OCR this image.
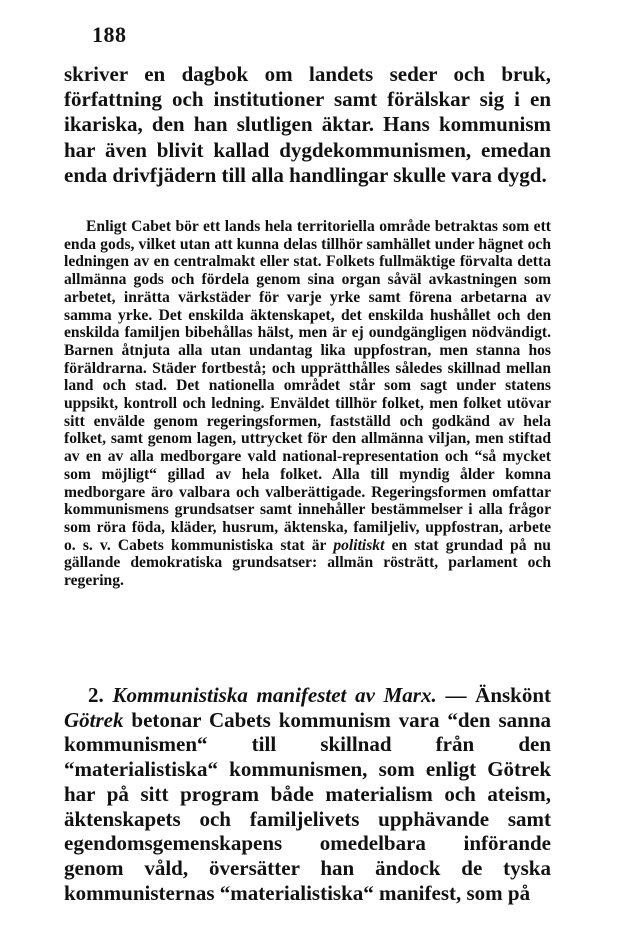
188

skriver en dagbok om landets seder och bruk, författning och institutioner samt förälskar sig i en ikariska, den han slutligen äktar. Hans kommunism har även blivit kallad dygdekommunismen, emedan enda drivfjädern till alla handlingar skulle vara dygd.

Enligt Cabet bör ett lands hela territoriella område betraktas som ett enda gods, vilket utan att kunna delas tillhör samhället under hägnet och ledningen av en centralmakt eller stat. Folkets fullmäktige förvalta detta allmänna gods och fördela genom sina organ såväl avkastningen som arbetet, inrätta värkstäder för varje yrke samt förena arbetarna av samma yrke. Det enskilda äktenskapet, det enskilda hushållet och den enskilda familjen bibehållas hälst, men är ej oundgängligen nödvändigt. Barnen åtnjuta alla utan undantag lika uppfostran, men stanna hos föräldrarna. Städer fortbestå; och upprätthålles således skillnad mellan land och stad. Det nationella området står som sagt under statens uppsikt, kontroll och ledning. Enväldet tillhör folket, men folket utövar sitt envälde genom regeringsformen, fastställd och godkänd av hela folket, samt genom lagen, uttrycket för den allmänna viljan, men stiftad av en av alla medborgare vald national-representation och “så mycket som möjligt“ gillad av hela folket. Alla till myndig ålder komna medborgare äro valbara och valberättigade. Regeringsformen omfattar kommunismens grundsatser samt innehåller bestämmelser i alla frågor som röra föda, kläder, husrum, äktenska, familjeliv, uppfostran, arbete o. s. v. Cabets kommunistiska stat är politiskt en stat grundad på nu gällande demokratiska grundsatser: allmän rösträtt, parlament och regering.

2. Kommunistiska manifestet av Marx. — Änskönt Götrek betonar Cabets kommunism vara “den sanna kommunismen“ till skillnad från den “materialistiska“ kommunismen, som enligt Götrek har på sitt program både materialism och ateism, äktenskapets och familjelivets upphävande samt egendomsgemenskapens omedelbara införande genom våld, översätter han ändock de tyska kommunisternas “materialistiska“ manifest, som på
